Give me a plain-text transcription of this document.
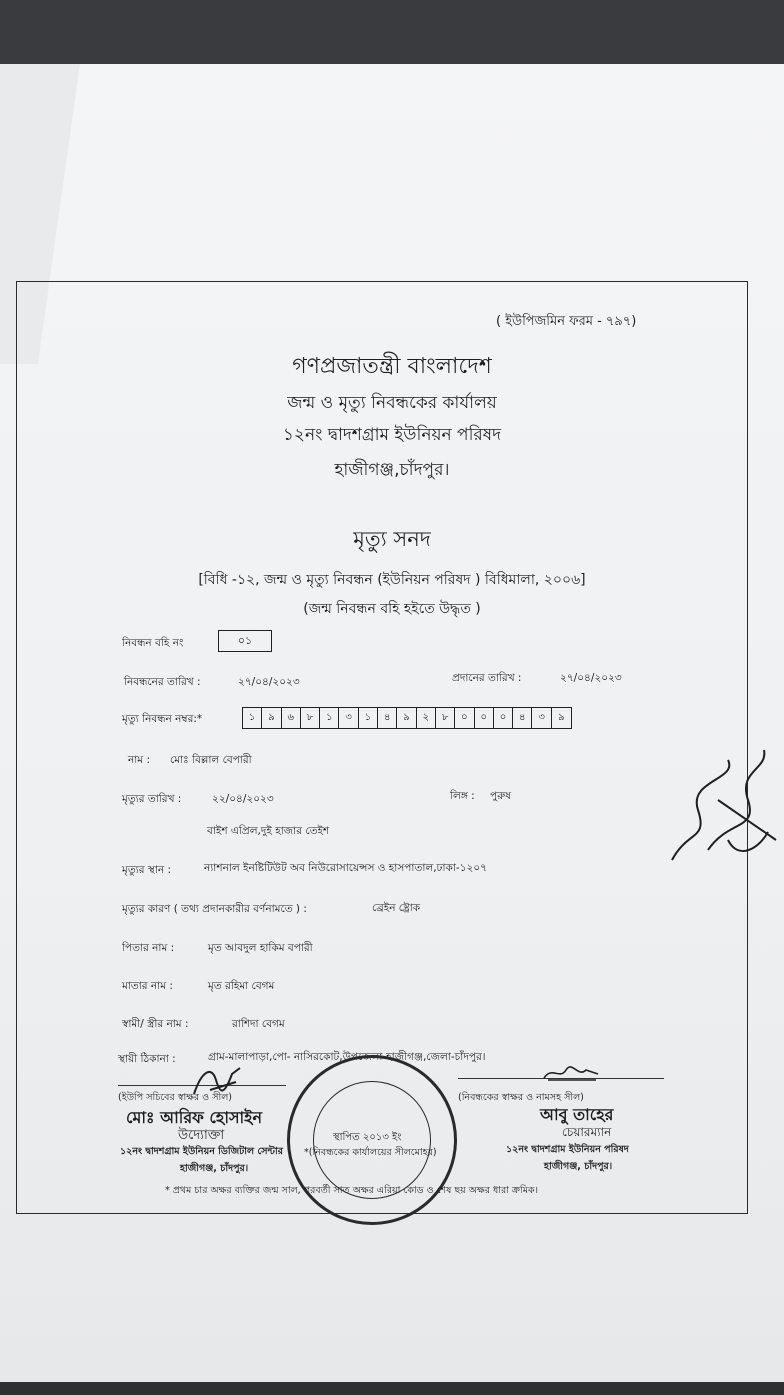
( ইউপিজমিন ফরম - ৭৯৭)
গণপ্রজাতন্ত্রী বাংলাদেশ
জন্ম ও মৃত্যু নিবন্ধকের কার্যালয়
১২নং দ্বাদশগ্রাম ইউনিয়ন পরিষদ
হাজীগঞ্জ,চাঁদপুর।
মৃত্যু সনদ
[বিধি -১২, জন্ম ও মৃত্যু নিবন্ধন (ইউনিয়ন পরিষদ ) বিধিমালা, ২০০৬]
(জন্ম নিবন্ধন বহি হইতে উদ্ধৃত )
নিবন্ধন বহি নং	০১
নিবন্ধনের তারিখ :	২৭/০৪/২০২৩	প্রদানের তারিখ :	২৭/০৪/২০২৩
মৃত্যু নিবন্ধন নম্বর:*	১	৯	৬	৮	১	৩	১	৪	৯	২	৮	০	০	০	৪	৩	৯
নাম : মোঃ বিল্লাল বেপারী
মৃত্যুর তারিখ :	২২/০৪/২০২৩	লিঙ্গ : পুরুষ
বাইশ এপ্রিল,দুই হাজার তেইশ
মৃত্যুর স্থান :	ন্যাশনাল ইনষ্টিটিউট অব নিউরোসায়েন্সস ও হাসপাতাল,ঢাকা-১২০৭
মৃত্যুর কারণ ( তথ্য প্রদানকারীর বর্ণনামতে ) :	ব্রেইন ষ্ট্রোক
পিতার নাম :	মৃত আবদুল হাকিম বপারী
মাতার নাম :	মৃত রহিমা বেগম
স্বামী/ স্ত্রীর নাম :	রাশিদা বেগম
স্থায়ী ঠিকানা :	গ্রাম-মালাপাড়া,পো- নাসিরকোট,উপজেলা-হাজীগঞ্জ,জেলা-চাঁদপুর।
(ইউপি সচিবের স্বাক্ষর ও সীল)
মোঃ আরিফ হোসাইন
উদ্যোক্তা
১২নং দ্বাদশগ্রাম ইউনিয়ন ডিজিটাল সেন্টার
হাজীগঞ্জ, চাঁদপুর।
স্থাপিত ২০১৩ ইং
*(নিবন্ধকের কার্যালয়ের সীলমোহর)
(নিবন্ধকের স্বাক্ষর ও নামসহ সীল)
আবু তাহের
চেয়ারম্যান
১২নং দ্বাদশগ্রাম ইউনিয়ন পরিষদ
হাজীগঞ্জ, চাঁদপুর।
* প্রথম চার অক্ষর ব্যক্তির জন্ম সাল, পরবর্তী সাত অক্ষর এরিয়া কোড ও শেষ ছয় অক্ষর ধারা ক্রমিক।
